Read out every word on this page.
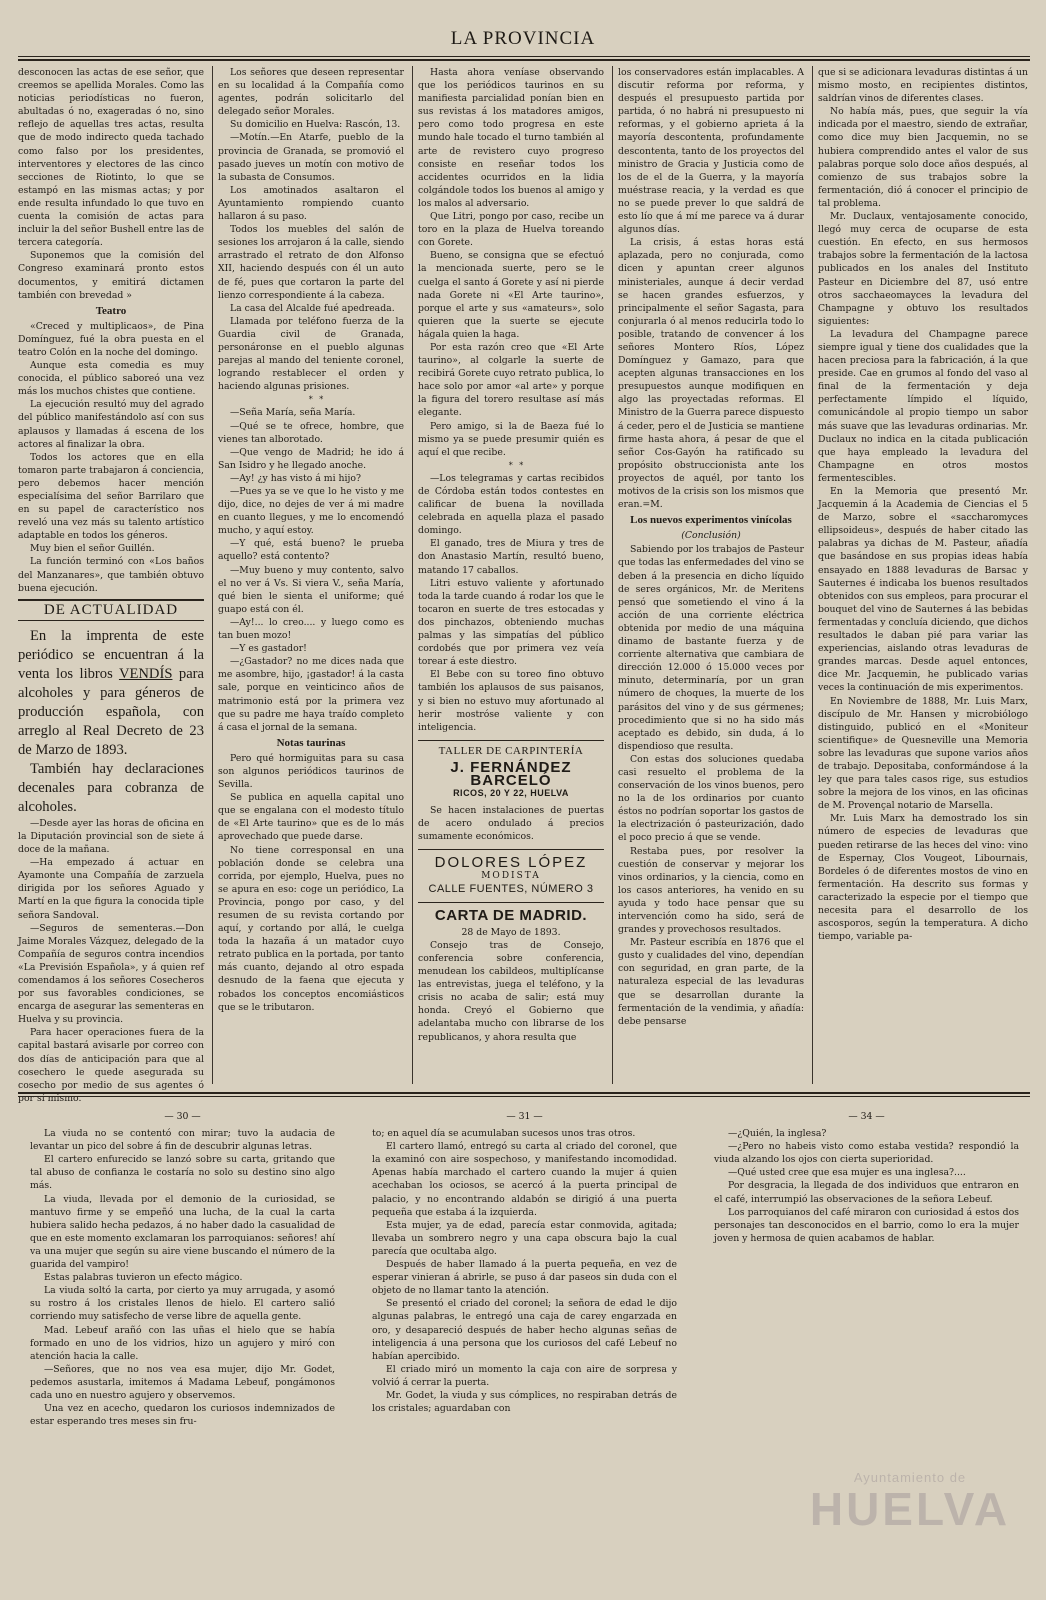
LA PROVINCIA

desconocen las actas de ese señor, que creemos se apellida Morales. Como las noticias periodísticas no fueron, abultadas ó no, exageradas ó no, sino reflejo de aquellas tres actas, resulta que de modo indirecto queda tachado como falso por los presidentes, interventores y electores de las cinco secciones de Riotinto, lo que se estampó en las mismas actas; y por ende resulta infundado lo que tuvo en cuenta la comisión de actas para incluir la del señor Bushell entre las de tercera categoría.

Suponemos que la comisión del Congreso examinará pronto estos documentos, y emitirá dictamen también con brevedad »

Teatro

«Creced y multiplicaos», de Pina Domínguez, fué la obra puesta en el teatro Colón en la noche del domingo.

Aunque esta comedia es muy conocida, el público saboreó una vez más los muchos chistes que contiene.

La ejecución resultó muy del agrado del público manifestándolo así con sus aplausos y llamadas á escena de los actores al finalizar la obra.

Todos los actores que en ella tomaron parte trabajaron á conciencia, pero debemos hacer mención especialísima del señor Barrilaro que en su papel de característico nos reveló una vez más su talento artístico adaptable en todos los géneros.

Muy bien el señor Guillén.

La función terminó con «Los baños del Manzanares», que también obtuvo buena ejecución.

DE ACTUALIDAD

En la imprenta de este periódico se encuentran á la venta los libros VENDÍS para alcoholes y para géneros de producción española, con arreglo al Real Decreto de 23 de Marzo de 1893.

También hay declaraciones decenales para cobranza de alcoholes.

—Desde ayer las horas de oficina en la Diputación provincial son de siete á doce de la mañana.

—Ha empezado á actuar en Ayamonte una Compañía de zarzuela dirigida por los señores Aguado y Martí en la que figura la conocida tiple señora Sandoval.

—Seguros de sementeras.—Don Jaime Morales Vázquez, delegado de la Compañía de seguros contra incendios «La Previsión Española», y á quien ref comendamos á los señores Cosecheros por sus favorables condiciones, se encarga de asegurar las sementeras en Huelva y su provincia.

Para hacer operaciones fuera de la capital bastará avisarle por correo con dos días de anticipación para que al cosechero le quede asegurada su cosecho por medio de sus agentes ó por sí mismo.

Los señores que deseen representar en su localidad á la Compañía como agentes, podrán solicitarlo del delegado señor Morales.

Su domicilio en Huelva: Rascón, 13.

—Motín.—En Atarfe, pueblo de la provincia de Granada, se promovió el pasado jueves un motín con motivo de la subasta de Consumos.

Los amotinados asaltaron el Ayuntamiento rompiendo cuanto hallaron á su paso.

Todos los muebles del salón de sesiones los arrojaron á la calle, siendo arrastrado el retrato de don Alfonso XII, haciendo después con él un auto de fé, pues que cortaron la parte del lienzo correspondiente á la cabeza.

La casa del Alcalde fué apedreada.

Llamada por teléfono fuerza de la Guardia civil de Granada, personáronse en el pueblo algunas parejas al mando del teniente coronel, logrando restablecer el orden y haciendo algunas prisiones.

* *

—Seña María, seña María.

—Qué se te ofrece, hombre, que vienes tan alborotado.

—Que vengo de Madrid; he ido á San Isidro y he llegado anoche.

—Ay! ¿y has visto á mi hijo?

—Pues ya se ve que lo he visto y me dijo, dice, no dejes de ver á mi madre en cuanto llegues, y me lo encomendó mucho, y aquí estoy.

—Y qué, está bueno? le prueba aquello? está contento?

—Muy bueno y muy contento, salvo el no ver á Vs. Si viera V., seña María, qué bien le sienta el uniforme; qué guapo está con él.

—Ay!... lo creo.... y luego como es tan buen mozo!

—Y es gastador!

—¿Gastador? no me dices nada que me asombre, hijo, ¡gastador! á la casta sale, porque en veinticinco años de matrimonio está por la primera vez que su padre me haya traído completo á casa el jornal de la semana.

Notas taurinas

Pero qué hormiguitas para su casa son algunos periódicos taurinos de Sevilla.

Se publica en aquella capital uno que se engalana con el modesto título de «El Arte taurino» que es de lo más aprovechado que puede darse.

No tiene corresponsal en una población donde se celebra una corrida, por ejemplo, Huelva, pues no se apura en eso: coge un periódico, La Provincia, pongo por caso, y del resumen de su revista cortando por aquí, y cortando por allá, le cuelga toda la hazaña á un matador cuyo retrato publica en la portada, por tanto más cuanto, dejando al otro espada desnudo de la faena que ejecuta y robados los conceptos encomiásticos que se le tributaron.

Hasta ahora veníase observando que los periódicos taurinos en su manifiesta parcialidad ponían bien en sus revistas á los matadores amigos, pero como todo progresa en este mundo hale tocado el turno también al arte de revistero cuyo progreso consiste en reseñar todos los accidentes ocurridos en la lidia colgándole todos los buenos al amigo y los malos al adversario.

Que Litri, pongo por caso, recibe un toro en la plaza de Huelva toreando con Gorete.

Bueno, se consigna que se efectuó la mencionada suerte, pero se le cuelga el santo á Gorete y así ni pierde nada Gorete ni «El Arte taurino», porque el arte y sus «amateurs», solo quieren que la suerte se ejecute hágala quien la haga.

Por esta razón creo que «El Arte taurino», al colgarle la suerte de recibirá Gorete cuyo retrato publica, lo hace solo por amor «al arte» y porque la figura del torero resultase así más elegante.

Pero amigo, si la de Baeza fué lo mismo ya se puede presumir quién es aquí el que recibe.

* *

—Los telegramas y cartas recibidos de Córdoba están todos contestes en calificar de buena la novillada celebrada en aquella plaza el pasado domingo.

El ganado, tres de Miura y tres de don Anastasio Martín, resultó bueno, matando 17 caballos.

Litri estuvo valiente y afortunado toda la tarde cuando á rodar los que le tocaron en suerte de tres estocadas y dos pinchazos, obteniendo muchas palmas y las simpatías del público cordobés que por primera vez veía torear á este diestro.

El Bebe con su toreo fino obtuvo también los aplausos de sus paisanos, y si bien no estuvo muy afortunado al herir mostróse valiente y con inteligencia.

TALLER DE CARPINTERÍA
J. FERNÁNDEZ BARCELÓ
RICOS, 20 Y 22, HUELVA

Se hacen instalaciones de puertas de acero ondulado á precios sumamente económicos.

DOLORES LÓPEZ
MODISTA
CALLE FUENTES, NÚMERO 3
CARTA DE MADRID.
28 de Mayo de 1893.

Consejo tras de Consejo, conferencia sobre conferencia, menudean los cabildeos, multiplícanse las entrevistas, juega el teléfono, y la crisis no acaba de salir; está muy honda. Creyó el Gobierno que adelantaba mucho con librarse de los republicanos, y ahora resulta que

los conservadores están implacables. A discutir reforma por reforma, y después el presupuesto partida por partida, ó no habrá ni presupuesto ni reformas, y el gobierno aprieta á la mayoría descontenta, profundamente descontenta, tanto de los proyectos del ministro de Gracia y Justicia como de los de el de la Guerra, y la mayoría muéstrase reacia, y la verdad es que no se puede prever lo que saldrá de esto lío que á mí me parece va á durar algunos días.

La crisis, á estas horas está aplazada, pero no conjurada, como dicen y apuntan creer algunos ministeriales, aunque á decir verdad se hacen grandes esfuerzos, y principalmente el señor Sagasta, para conjurarla ó al menos reducirla todo lo posible, tratando de convencer á los señores Montero Ríos, López Domínguez y Gamazo, para que acepten algunas transacciones en los presupuestos aunque modifiquen en algo las proyectadas reformas. El Ministro de la Guerra parece dispuesto á ceder, pero el de Justicia se mantiene firme hasta ahora, á pesar de que el señor Cos-Gayón ha ratificado su propósito obstruccionista ante los proyectos de aquél, por tanto los motivos de la crisis son los mismos que eran.=M.

Los nuevos experimentos vinícolas
(Conclusión)

Sabiendo por los trabajos de Pasteur que todas las enfermedades del vino se deben á la presencia en dicho líquido de seres orgánicos, Mr. de Meritens pensó que sometiendo el vino á la acción de una corriente eléctrica obtenida por medio de una máquina dinamo de bastante fuerza y de corriente alternativa que cambiara de dirección 12.000 ó 15.000 veces por minuto, determinaría, por un gran número de choques, la muerte de los parásitos del vino y de sus gérmenes; procedimiento que si no ha sido más aceptado es debido, sin duda, á lo dispendioso que resulta.

Con estas dos soluciones quedaba casi resuelto el problema de la conservación de los vinos buenos, pero no la de los ordinarios por cuanto éstos no podrían soportar los gastos de la electrización ó pasteurización, dado el poco precio á que se vende.

Restaba pues, por resolver la cuestión de conservar y mejorar los vinos ordinarios, y la ciencia, como en los casos anteriores, ha venido en su ayuda y todo hace pensar que su intervención como ha sido, será de grandes y provechosos resultados.

Mr. Pasteur escribía en 1876 que el gusto y cualidades del vino, dependían con seguridad, en gran parte, de la naturaleza especial de las levaduras que se desarrollan durante la fermentación de la vendimia, y añadía: debe pensarse

que si se adicionara levaduras distintas á un mismo mosto, en recipientes distintos, saldrían vinos de diferentes clases.

No había más, pues, que seguir la vía indicada por el maestro, siendo de extrañar, como dice muy bien Jacquemin, no se hubiera comprendido antes el valor de sus palabras porque solo doce años después, al comienzo de sus trabajos sobre la fermentación, dió á conocer el principio de tal problema.

Mr. Duclaux, ventajosamente conocido, llegó muy cerca de ocuparse de esta cuestión. En efecto, en sus hermosos trabajos sobre la fermentación de la lactosa publicados en los anales del Instituto Pasteur en Diciembre del 87, usó entre otros sacchaeomayces la levadura del Champagne y obtuvo los resultados siguientes:

La levadura del Champagne parece siempre igual y tiene dos cualidades que la hacen preciosa para la fabricación, á la que preside. Cae en grumos al fondo del vaso al final de la fermentación y deja perfectamente límpido el líquido, comunicándole al propio tiempo un sabor más suave que las levaduras ordinarias. Mr. Duclaux no indica en la citada publicación que haya empleado la levadura del Champagne en otros mostos fermentescibles.

En la Memoria que presentó Mr. Jacquemin á la Academia de Ciencias el 5 de Marzo, sobre el «saccharomyces ellipsoideus», después de haber citado las palabras ya dichas de M. Pasteur, añadía que basándose en sus propias ideas había ensayado en 1888 levaduras de Barsac y Sauternes é indicaba los buenos resultados obtenidos con sus empleos, para procurar el bouquet del vino de Sauternes á las bebidas fermentadas y concluía diciendo, que dichos resultados le daban pié para variar las experiencias, aislando otras levaduras de grandes marcas. Desde aquel entonces, dice Mr. Jacquemin, he publicado varias veces la continuación de mis experimentos.

En Noviembre de 1888, Mr. Luis Marx, discípulo de Mr. Hansen y microbiólogo distinguido, publicó en el «Moniteur scientifique» de Quesneville una Memoria sobre las levaduras que supone varios años de trabajo. Depositaba, conformándose á la ley que para tales casos rige, sus estudios sobre la mejora de los vinos, en las oficinas de M. Provençal notario de Marsella.

Mr. Luis Marx ha demostrado los sin número de especies de levaduras que pueden retirarse de las heces del vino: vino de Espernay, Clos Vougeot, Libournais, Bordeles ó de diferentes mostos de vino en fermentación. Ha descrito sus formas y caracterizado la especie por el tiempo que necesita para el desarrollo de los ascosporos, según la temperatura. A dicho tiempo, variable pa-

— 30 —

La viuda no se contentó con mirar; tuvo la audacia de levantar un pico del sobre á fin de descubrir algunas letras.

El cartero enfurecido se lanzó sobre su carta, gritando que tal abuso de confianza le costaría no solo su destino sino algo más.

La viuda, llevada por el demonio de la curiosidad, se mantuvo firme y se empeñó una lucha, de la cual la carta hubiera salido hecha pedazos, á no haber dado la casualidad de que en este momento exclamaran los parroquianos: señores! ahí va una mujer que según su aire viene buscando el número de la guarida del vampiro!

Estas palabras tuvieron un efecto mágico.

La viuda soltó la carta, por cierto ya muy arrugada, y asomó su rostro á los cristales llenos de hielo. El cartero salió corriendo muy satisfecho de verse libre de aquella gente.

Mad. Lebeuf arañó con las uñas el hielo que se había formado en uno de los vidrios, hizo un agujero y miró con atención hacia la calle.

—Señores, que no nos vea esa mujer, dijo Mr. Godet, pedemos asustarla, imitemos á Madama Lebeuf, pongámonos cada uno en nuestro agujero y observemos.

Una vez en acecho, quedaron los curiosos indemnizados de estar esperando tres meses sin fru-

— 31 —

to; en aquel día se acumulaban sucesos unos tras otros.

El cartero llamó, entregó su carta al criado del coronel, que la examinó con aire sospechoso, y manifestando incomodidad. Apenas había marchado el cartero cuando la mujer á quien acechaban los ociosos, se acercó á la puerta principal de palacio, y no encontrando aldabón se dirigió á una puerta pequeña que estaba á la izquierda.

Esta mujer, ya de edad, parecía estar conmovida, agitada; llevaba un sombrero negro y una capa obscura bajo la cual parecía que ocultaba algo.

Después de haber llamado á la puerta pequeña, en vez de esperar vinieran á abrirle, se puso á dar paseos sin duda con el objeto de no llamar tanto la atención.

Se presentó el criado del coronel; la señora de edad le dijo algunas palabras, le entregó una caja de carey engarzada en oro, y desapareció después de haber hecho algunas señas de inteligencia á una persona que los curiosos del café Lebeuf no habían apercibido.

El criado miró un momento la caja con aire de sorpresa y volvió á cerrar la puerta.

Mr. Godet, la viuda y sus cómplices, no respiraban detrás de los cristales; aguardaban con

— 34 —

—¿Quién, la inglesa?

—¿Pero no habeis visto como estaba vestida? respondió la viuda alzando los ojos con cierta superioridad.

—Qué usted cree que esa mujer es una inglesa?....

Por desgracia, la llegada de dos individuos que entraron en el café, interrumpió las observaciones de la señora Lebeuf.

Los parroquianos del café miraron con curiosidad á estos dos personajes tan desconocidos en el barrio, como lo era la mujer joven y hermosa de quien acabamos de hablar.

Ayuntamiento de
HUELVA
